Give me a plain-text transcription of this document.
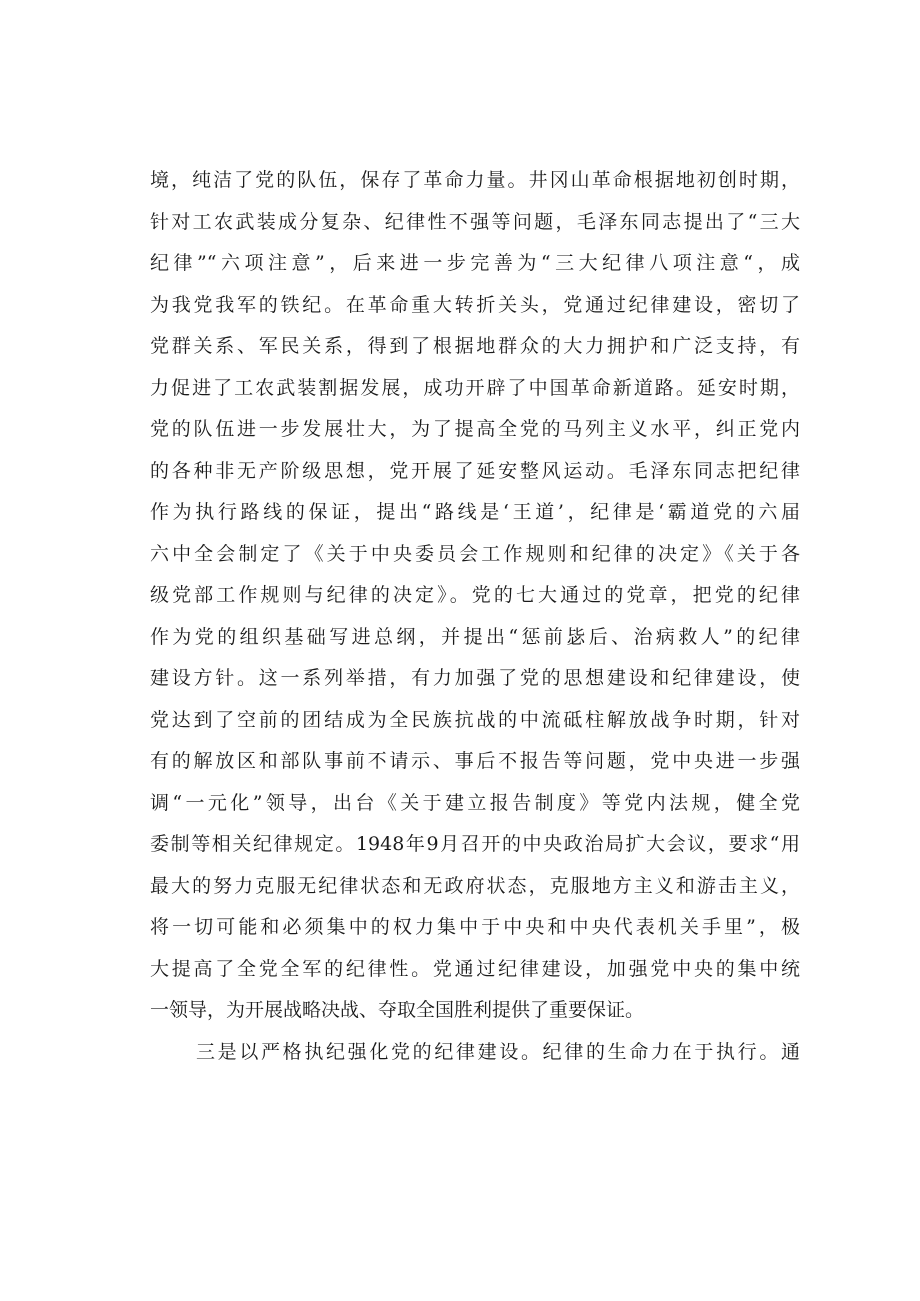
境，纯洁了党的队伍，保存了革命力量。井冈山革命根据地初创时期，
针对工农武装成分复杂、纪律性不强等问题，毛泽东同志提出了“三大
纪律”“六项注意”，后来进一步完善为“三大纪律八项注意“，成
为我党我军的铁纪。在革命重大转折关头，党通过纪律建设，密切了
党群关系、军民关系，得到了根据地群众的大力拥护和广泛支持，有
力促进了工农武装割据发展，成功开辟了中国革命新道路。延安时期，
党的队伍进一步发展壮大，为了提高全党的马列主义水平，纠正党内
的各种非无产阶级思想，党开展了延安整风运动。毛泽东同志把纪律
作为执行路线的保证，提出“路线是‘王道’，纪律是‘霸道党的六届
六中全会制定了《关于中央委员会工作规则和纪律的决定》《关于各
级党部工作规则与纪律的决定》。党的七大通过的党章，把党的纪律
作为党的组织基础写进总纲，并提出“惩前毖后、治病救人”的纪律
建设方针。这一系列举措，有力加强了党的思想建设和纪律建设，使
党达到了空前的团结成为全民族抗战的中流砥柱解放战争时期，针对
有的解放区和部队事前不请示、事后不报告等问题，党中央进一步强
调“一元化”领导，出台《关于建立报告制度》等党内法规，健全党
委制等相关纪律规定。1948年9月召开的中央政治局扩大会议，要求“用
最大的努力克服无纪律状态和无政府状态，克服地方主义和游击主义，
将一切可能和必须集中的权力集中于中央和中央代表机关手里”，极
大提高了全党全军的纪律性。党通过纪律建设，加强党中央的集中统
一领导，为开展战略决战、夺取全国胜利提供了重要保证。
三是以严格执纪强化党的纪律建设。纪律的生命力在于执行。通
